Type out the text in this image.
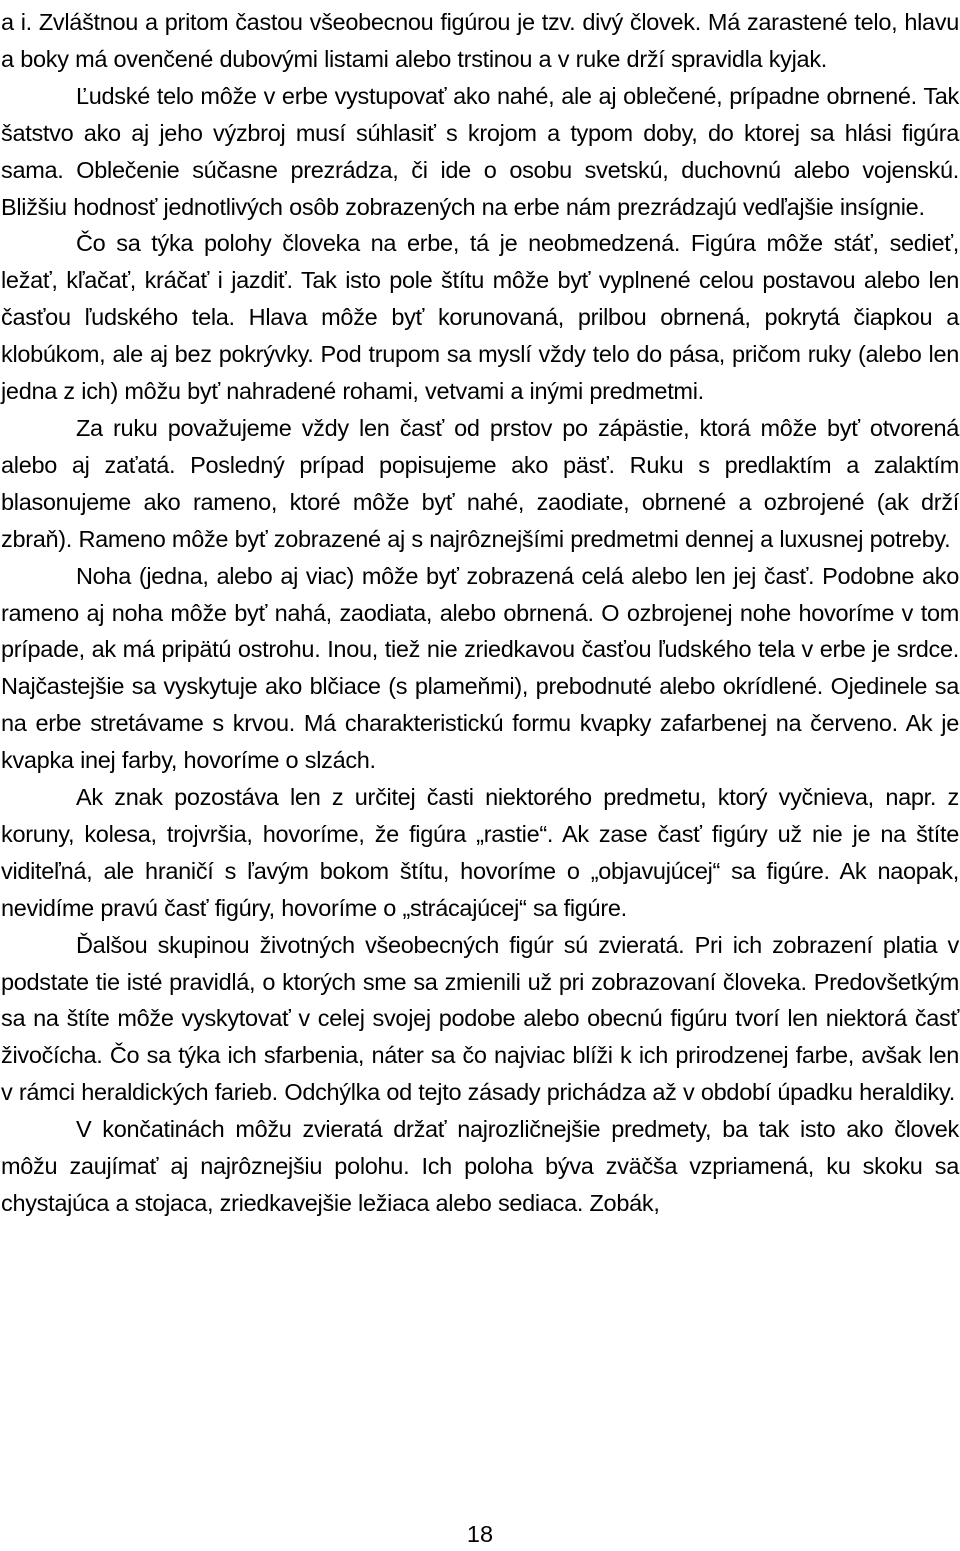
a i. Zvláštnou a pritom častou všeobecnou figúrou je tzv. divý človek. Má zarastené telo, hlavu a boky má ovenčené dubovými listami alebo trstinou a v ruke drží spravidla kyjak.

Ľudské telo môže v erbe vystupovať ako nahé, ale aj oblečené, prípadne obrnené. Tak šatstvo ako aj jeho výzbroj musí súhlasiť s krojom a typom doby, do ktorej sa hlási figúra sama. Oblečenie súčasne prezrádza, či ide o osobu svetskú, duchovnú alebo vojenskú. Bližšiu hodnosť jednotlivých osôb zobrazených na erbe nám prezrádzajú vedľajšie insígnie.

Čo sa týka polohy človeka na erbe, tá je neobmedzená. Figúra môže stáť, sedieť, ležať, kľačať, kráčať i jazdiť. Tak isto pole štítu môže byť vyplnené celou postavou alebo len časťou ľudského tela. Hlava môže byť korunovaná, prilbou obrnená, pokrytá čiapkou a klobúkom, ale aj bez pokrývky. Pod trupom sa myslí vždy telo do pása, pričom ruky (alebo len jedna z ich) môžu byť nahradené rohami, vetvami a inými predmetmi.

Za ruku považujeme vždy len časť od prstov po zápästie, ktorá môže byť otvorená alebo aj zaťatá. Posledný prípad popisujeme ako päsť. Ruku s predlaktím a zalaktím blasonujeme ako rameno, ktoré môže byť nahé, zaodiate, obrnené a ozbrojené (ak drží zbraň). Rameno môže byť zobrazené aj s najrôznejšími predmetmi dennej a luxusnej potreby.

Noha (jedna, alebo aj viac) môže byť zobrazená celá alebo len jej časť. Podobne ako rameno aj noha môže byť nahá, zaodiata, alebo obrnená. O ozbrojenej nohe hovoríme v tom prípade, ak má pripätú ostrohu. Inou, tiež nie zriedkavou časťou ľudského tela v erbe je srdce. Najčastejšie sa vyskytuje ako blčiace (s plameňmi), prebodnuté alebo okrídlené. Ojedinele sa na erbe stretávame s krvou. Má charakteristickú formu kvapky zafarbenej na červeno. Ak je kvapka inej farby, hovoríme o slzách.

Ak znak pozostáva len z určitej časti niektorého predmetu, ktorý vyčnieva, napr. z koruny, kolesa, trojvršia, hovoríme, že figúra „rastie“. Ak zase časť figúry už nie je na štíte viditeľná, ale hraničí s ľavým bokom štítu, hovoríme o „objavujúcej“ sa figúre. Ak naopak, nevidíme pravú časť figúry, hovoríme o „strácajúcej“ sa figúre.

Ďalšou skupinou životných všeobecných figúr sú zvieratá. Pri ich zobrazení platia v podstate tie isté pravidlá, o ktorých sme sa zmienili už pri zobrazovaní človeka. Predovšetkým sa na štíte môže vyskytovať v celej svojej podobe alebo obecnú figúru tvorí len niektorá časť živočícha. Čo sa týka ich sfarbenia, náter sa čo najviac blíži k ich prirodzenej farbe, avšak len v rámci heraldických farieb. Odchýlka od tejto zásady prichádza až v období úpadku heraldiky.

V končatinách môžu zvieratá držať najrozličnejšie predmety, ba tak isto ako človek môžu zaujímať aj najrôznejšiu polohu. Ich poloha býva zväčša vzpriamená, ku skoku sa chystajúca a stojaca, zriedkavejšie ležiaca alebo sediaca. Zobák,

18
